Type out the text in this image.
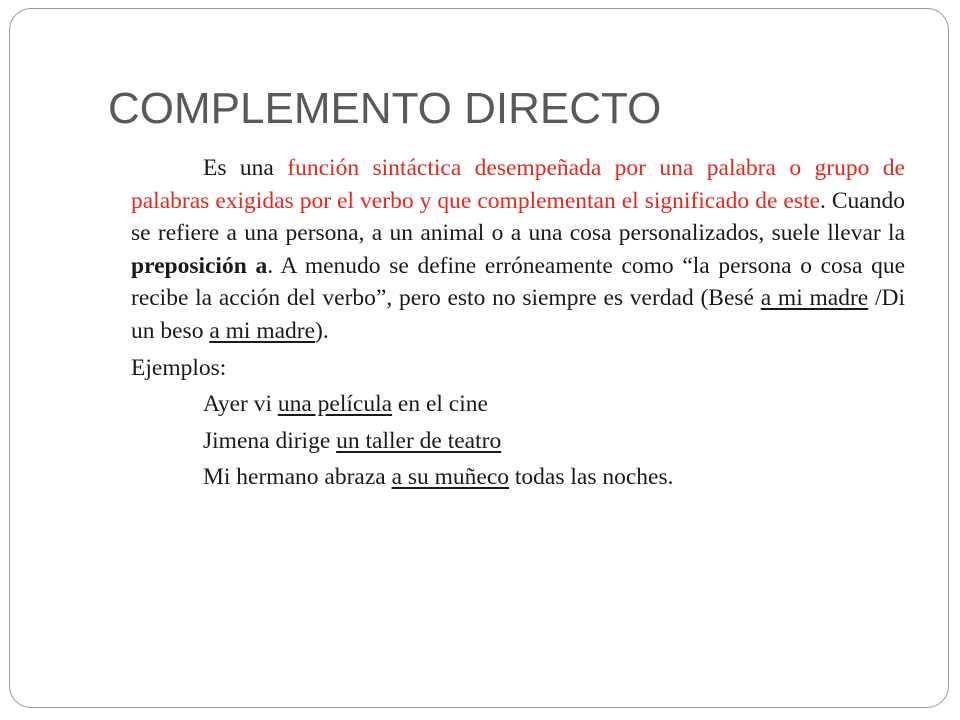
COMPLEMENTO DIRECTO

Es una función sintáctica desempeñada por una palabra o grupo de palabras exigidas por el verbo y que complementan el significado de este. Cuando se refiere a una persona, a un animal o a una cosa personalizados, suele llevar la preposición a. A menudo se define erróneamente como “la persona o cosa que recibe la acción del verbo”, pero esto no siempre es verdad (Besé a mi madre /Di un beso a mi madre).

Ejemplos:

Ayer vi una película en el cine

Jimena dirige un taller de teatro

Mi hermano abraza a su muñeco todas las noches.
